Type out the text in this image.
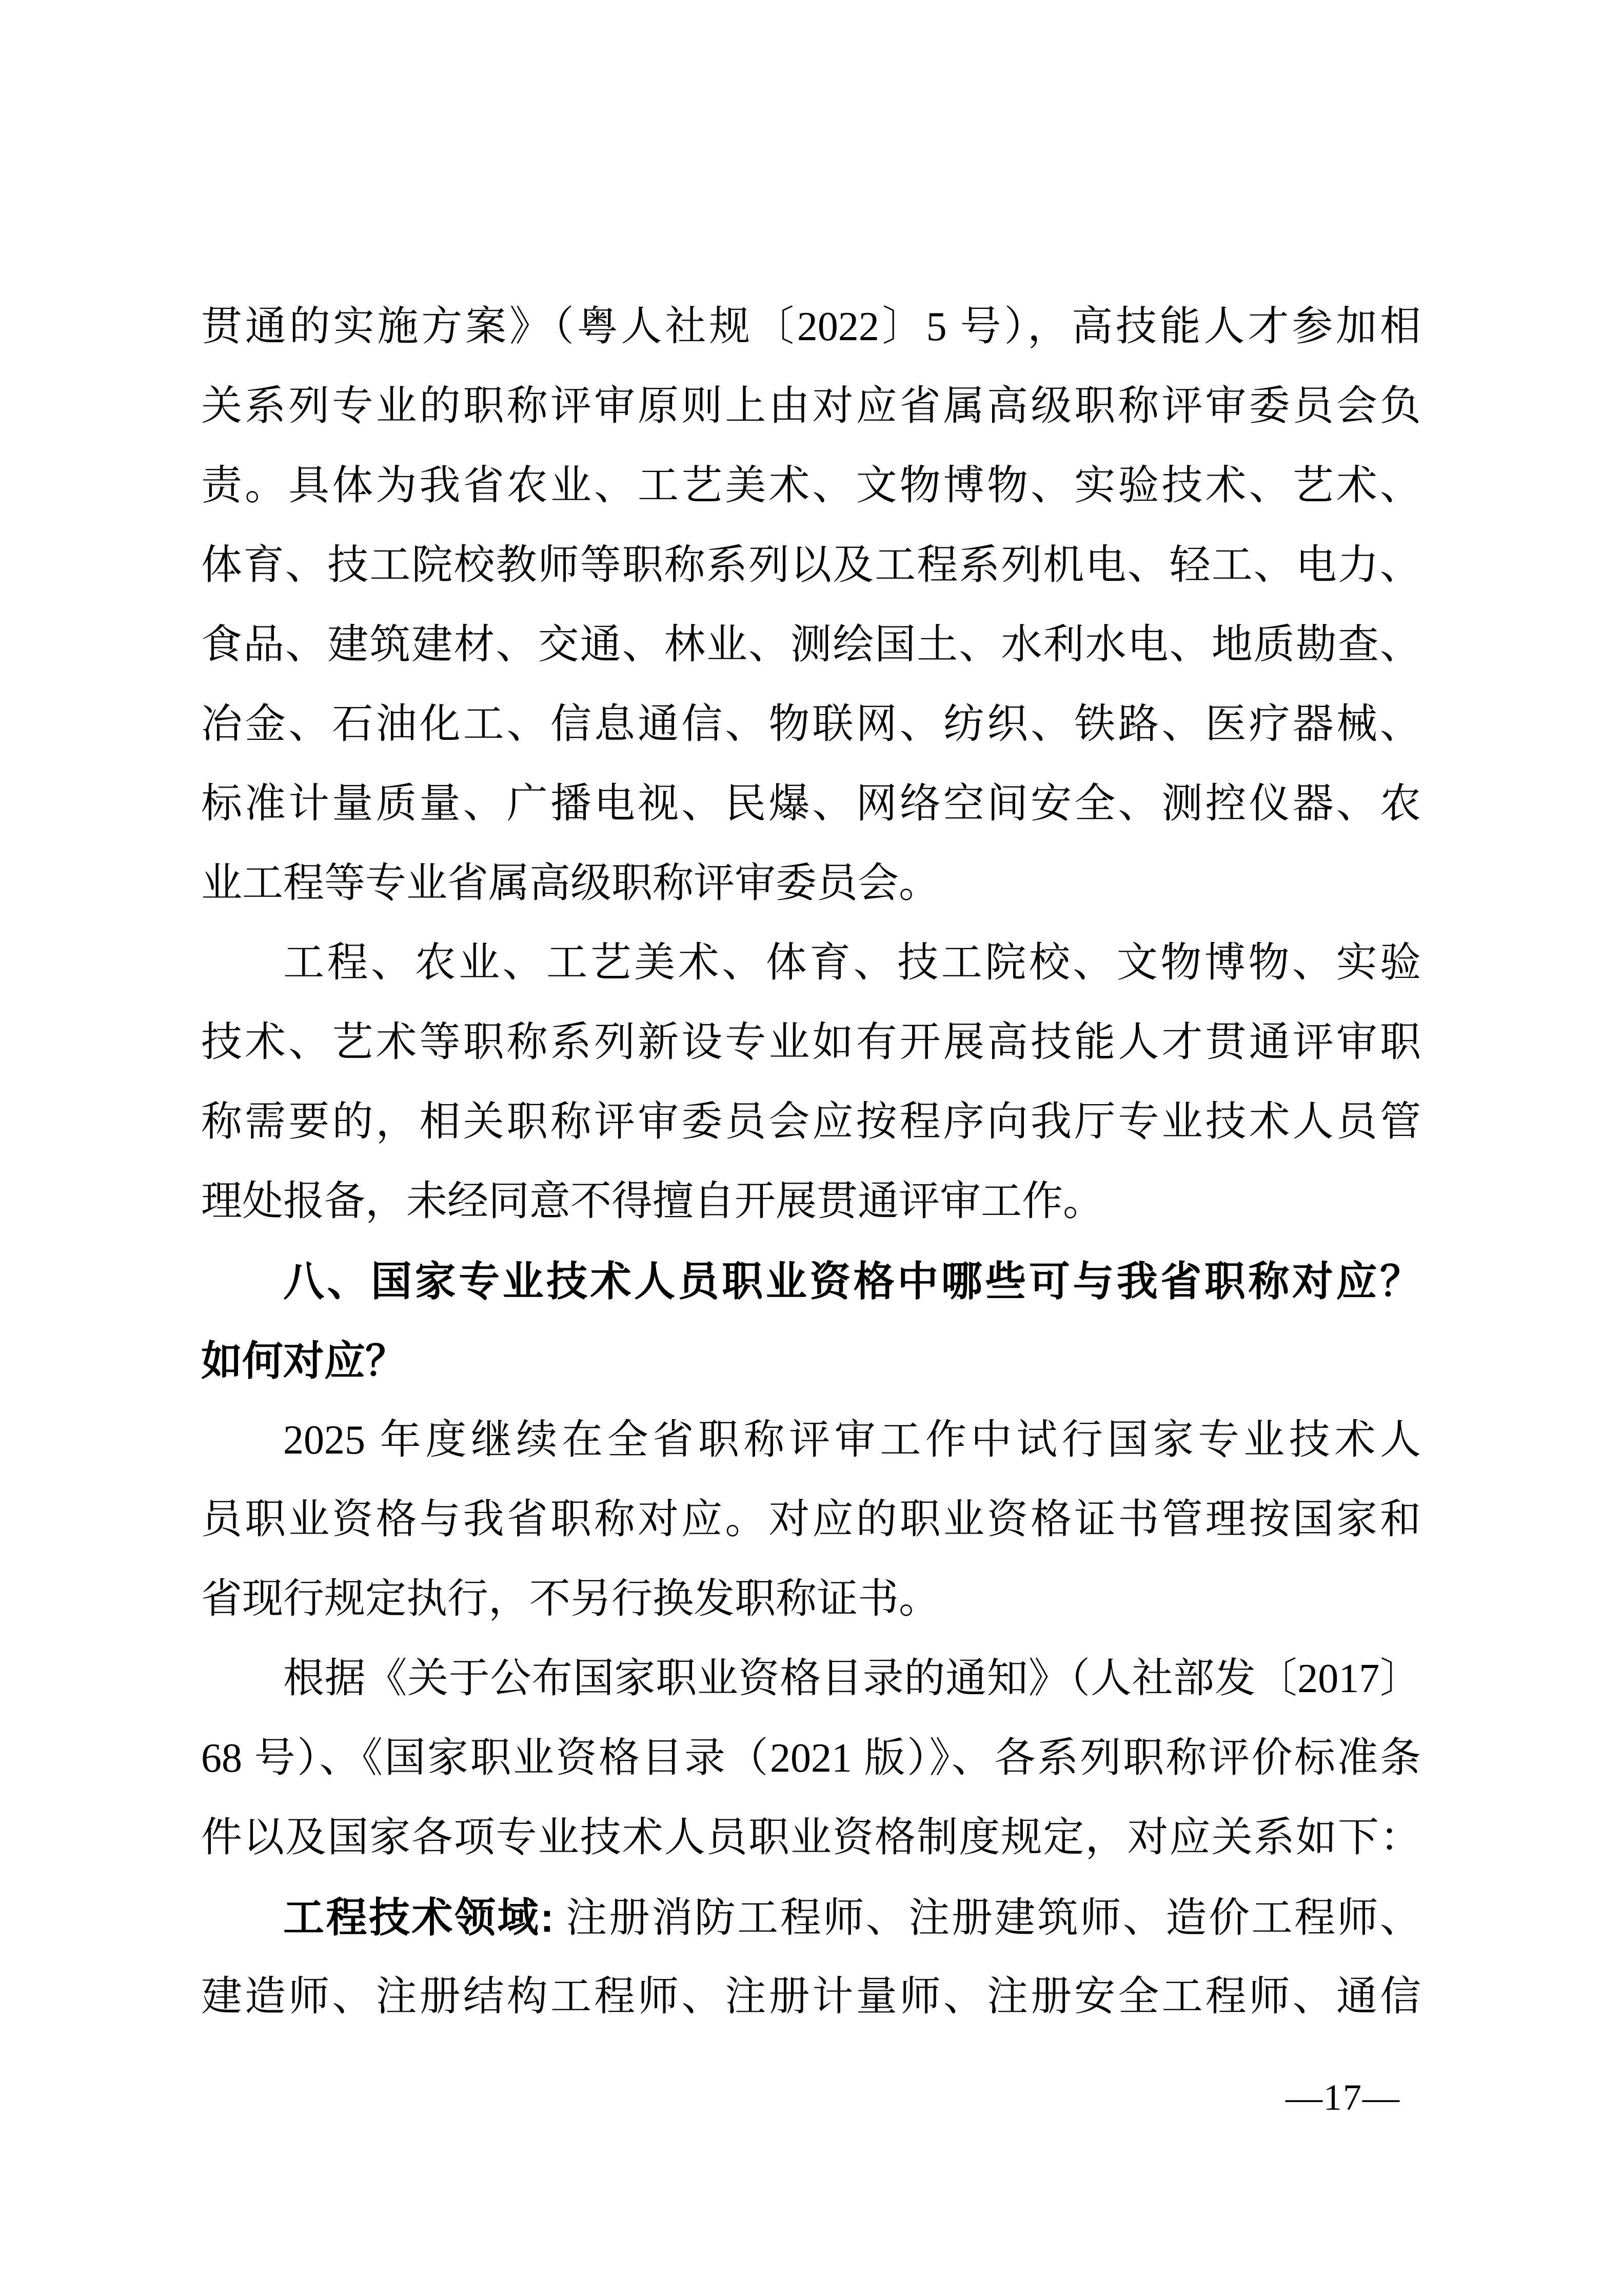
贯通的实施方案》（粤人社规〔2022〕5 号），高技能人才参加相

关系列专业的职称评审原则上由对应省属高级职称评审委员会负

责。具体为我省农业、工艺美术、文物博物、实验技术、艺术、

体育、技工院校教师等职称系列以及工程系列机电、轻工、电力、

食品、建筑建材、交通、林业、测绘国土、水利水电、地质勘查、

冶金、石油化工、信息通信、物联网、纺织、铁路、医疗器械、

标准计量质量、广播电视、民爆、网络空间安全、测控仪器、农

业工程等专业省属高级职称评审委员会。

工程、农业、工艺美术、体育、技工院校、文物博物、实验

技术、艺术等职称系列新设专业如有开展高技能人才贯通评审职

称需要的，相关职称评审委员会应按程序向我厅专业技术人员管

理处报备，未经同意不得擅自开展贯通评审工作。

八、国家专业技术人员职业资格中哪些可与我省职称对应？

如何对应？

2025 年度继续在全省职称评审工作中试行国家专业技术人

员职业资格与我省职称对应。对应的职业资格证书管理按国家和

省现行规定执行，不另行换发职称证书。

根据《关于公布国家职业资格目录的通知》（人社部发〔2017〕

68 号）、《国家职业资格目录（2021 版）》、各系列职称评价标准条

件以及国家各项专业技术人员职业资格制度规定，对应关系如下：

工程技术领域: 注册消防工程师、注册建筑师、造价工程师、

建造师、注册结构工程师、注册计量师、注册安全工程师、通信

—17—
